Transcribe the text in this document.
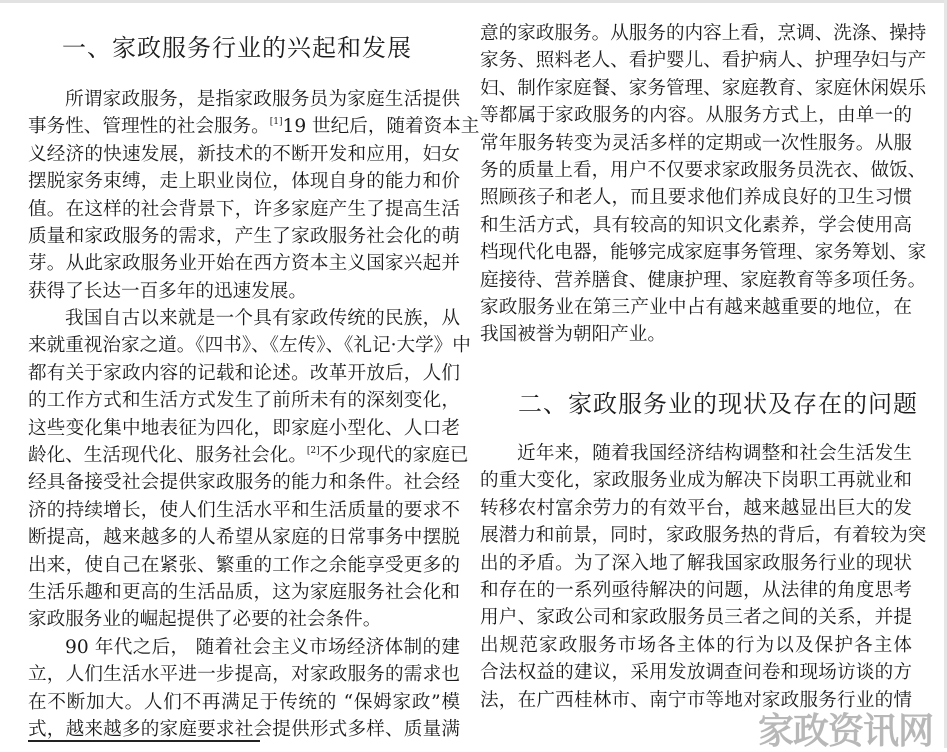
一、家政服务行业的兴起和发展
所谓家政服务，是指家政服务员为家庭生活提供
事务性、管理性的社会服务。[1]19 世纪后，随着资本主
义经济的快速发展，新技术的不断开发和应用，妇女
摆脱家务束缚，走上职业岗位，体现自身的能力和价
值。在这样的社会背景下，许多家庭产生了提高生活
质量和家政服务的需求，产生了家政服务社会化的萌
芽。从此家政服务业开始在西方资本主义国家兴起并
获得了长达一百多年的迅速发展。
我国自古以来就是一个具有家政传统的民族，从
来就重视治家之道。《四书》、《左传》、《礼记·大学》中
都有关于家政内容的记载和论述。改革开放后，人们
的工作方式和生活方式发生了前所未有的深刻变化，
这些变化集中地表征为四化，即家庭小型化、人口老
龄化、生活现代化、服务社会化。[2]不少现代的家庭已
经具备接受社会提供家政服务的能力和条件。社会经
济的持续增长，使人们生活水平和生活质量的要求不
断提高，越来越多的人希望从家庭的日常事务中摆脱
出来，使自己在紧张、繁重的工作之余能享受更多的
生活乐趣和更高的生活品质，这为家庭服务社会化和
家政服务业的崛起提供了必要的社会条件。
90 年代之后， 随着社会主义市场经济体制的建
立，人们生活水平进一步提高，对家政服务的需求也
在不断加大。人们不再满足于传统的 “保姆家政”模
式，越来越多的家庭要求社会提供形式多样、质量满
意的家政服务。从服务的内容上看，烹调、洗涤、操持
家务、照料老人、看护婴儿、看护病人、护理孕妇与产
妇、制作家庭餐、家务管理、家庭教育、家庭休闲娱乐
等都属于家政服务的内容。从服务方式上，由单一的
常年服务转变为灵活多样的定期或一次性服务。从服
务的质量上看，用户不仅要求家政服务员洗衣、做饭、
照顾孩子和老人，而且要求他们养成良好的卫生习惯
和生活方式，具有较高的知识文化素养，学会使用高
档现代化电器，能够完成家庭事务管理、家务筹划、家
庭接待、营养膳食、健康护理、家庭教育等多项任务。
家政服务业在第三产业中占有越来越重要的地位，在
我国被誉为朝阳产业。
二、家政服务业的现状及存在的问题
近年来，随着我国经济结构调整和社会生活发生
的重大变化，家政服务业成为解决下岗职工再就业和
转移农村富余劳力的有效平台，越来越显出巨大的发
展潜力和前景，同时，家政服务热的背后，有着较为突
出的矛盾。为了深入地了解我国家政服务行业的现状
和存在的一系列亟待解决的问题，从法律的角度思考
用户、家政公司和家政服务员三者之间的关系，并提
出规范家政服务市场各主体的行为以及保护各主体
合法权益的建议，采用发放调查问卷和现场访谈的方
法，在广西桂林市、南宁市等地对家政服务行业的情
家政资讯网
